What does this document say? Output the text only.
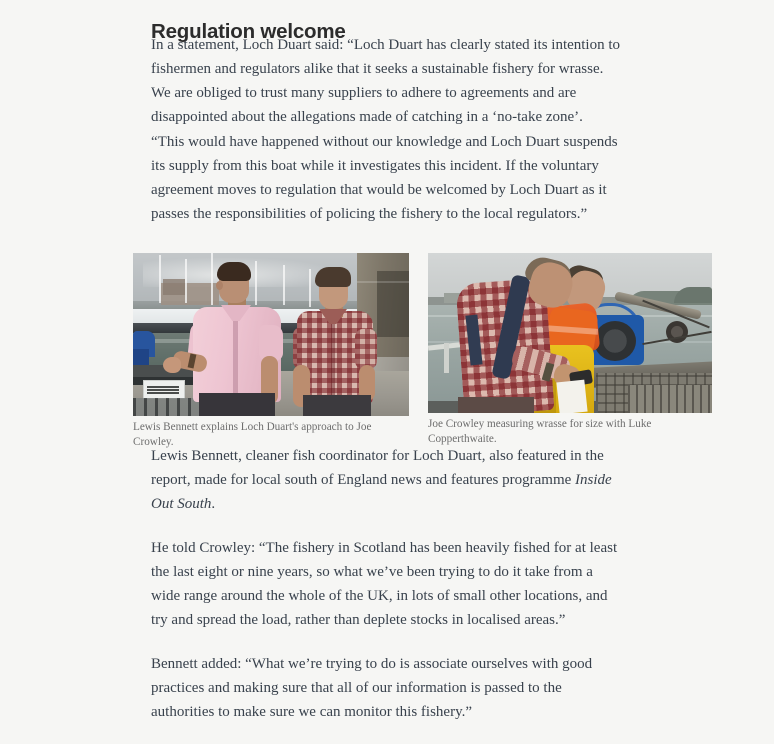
Regulation welcome

In a statement, Loch Duart said: “Loch Duart has clearly stated its intention to fishermen and regulators alike that it seeks a sustainable fishery for wrasse. We are obliged to trust many suppliers to adhere to agreements and are disappointed about the allegations made of catching in a ‘no-take zone’.

“This would have happened without our knowledge and Loch Duart suspends its supply from this boat while it investigates this incident. If the voluntary agreement moves to regulation that would be welcomed by Loch Duart as it passes the responsibilities of policing the fishery to the local regulators.”

Lewis Bennett explains Loch Duart's approach to Joe Crowley.
Joe Crowley measuring wrasse for size with Luke Copperthwaite.

Lewis Bennett, cleaner fish coordinator for Loch Duart, also featured in the report, made for local south of England news and features programme Inside Out South.

He told Crowley: “The fishery in Scotland has been heavily fished for at least the last eight or nine years, so what we’ve been trying to do it take from a wide range around the whole of the UK, in lots of small other locations, and try and spread the load, rather than deplete stocks in localised areas.”

Bennett added: “What we’re trying to do is associate ourselves with good practices and making sure that all of our information is passed to the authorities to make sure we can monitor this fishery.”
